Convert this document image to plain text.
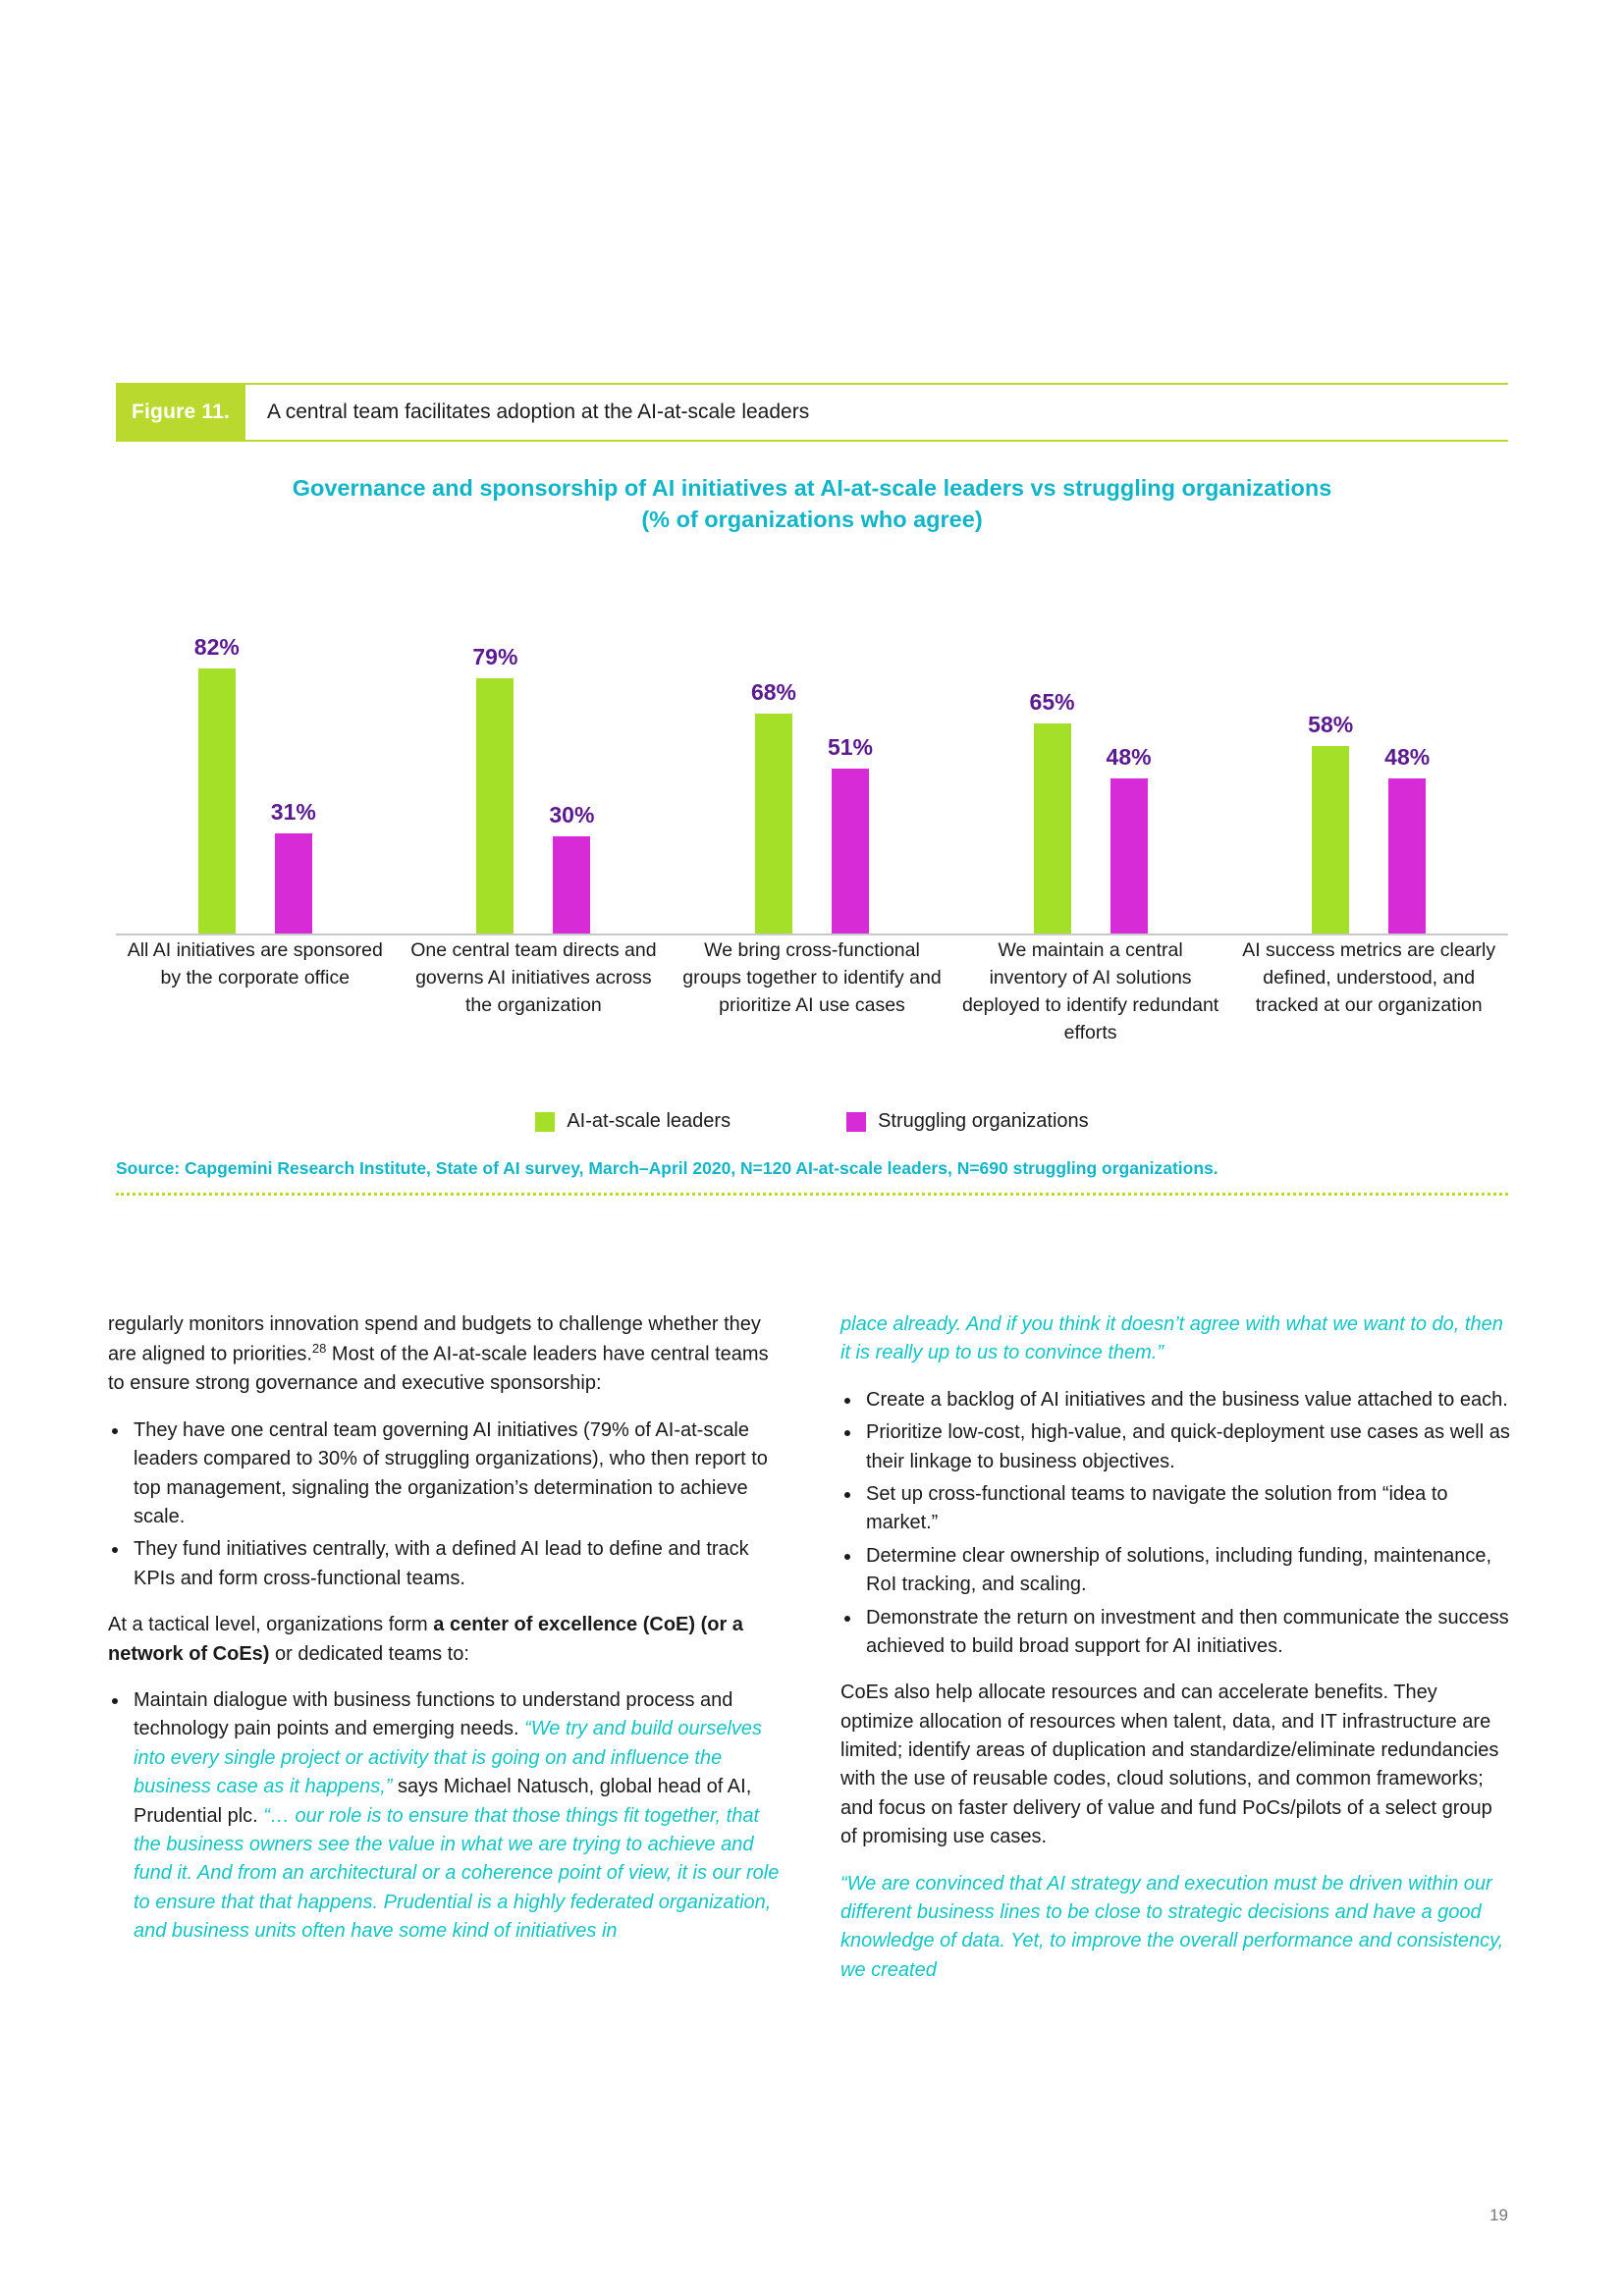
Figure 11.	A central team facilitates adoption at the AI-at-scale leaders
Governance and sponsorship of AI initiatives at AI-at-scale leaders vs struggling organizations
(% of organizations who agree)
82%
31%
79%
30%
68%
51%
65%
48%
58%
48%
All AI initiatives are sponsored by the corporate office
One central team directs and governs AI initiatives across the organization
We bring cross-functional groups together to identify and prioritize AI use cases
We maintain a central inventory of AI solutions deployed to identify redundant efforts
AI success metrics are clearly defined, understood, and tracked at our organization
AI-at-scale leaders	Struggling organizations
Source: Capgemini Research Institute, State of AI survey, March–April 2020, N=120 AI-at-scale leaders, N=690 struggling organizations.

regularly monitors innovation spend and budgets to challenge whether they are aligned to priorities.$^{28}$ Most of the AI-at-scale leaders have central teams to ensure strong governance and executive sponsorship:

• They have one central team governing AI initiatives (79% of AI-at-scale leaders compared to 30% of struggling organizations), who then report to top management, signaling the organization’s determination to achieve scale.
• They fund initiatives centrally, with a defined AI lead to define and track KPIs and form cross-functional teams.

At a tactical level, organizations form a center of excellence (CoE) (or a network of CoEs) or dedicated teams to:

• Maintain dialogue with business functions to understand process and technology pain points and emerging needs. “We try and build ourselves into every single project or activity that is going on and influence the business case as it happens,” says Michael Natusch, global head of AI, Prudential plc. “… our role is to ensure that those things fit together, that the business owners see the value in what we are trying to achieve and fund it. And from an architectural or a coherence point of view, it is our role to ensure that that happens. Prudential is a highly federated organization, and business units often have some kind of initiatives in

place already. And if you think it doesn’t agree with what we want to do, then it is really up to us to convince them.”

• Create a backlog of AI initiatives and the business value attached to each.
• Prioritize low-cost, high-value, and quick-deployment use cases as well as their linkage to business objectives.
• Set up cross-functional teams to navigate the solution from “idea to market.”
• Determine clear ownership of solutions, including funding, maintenance, RoI tracking, and scaling.
• Demonstrate the return on investment and then communicate the success achieved to build broad support for AI initiatives.

CoEs also help allocate resources and can accelerate benefits. They optimize allocation of resources when talent, data, and IT infrastructure are limited; identify areas of duplication and standardize/eliminate redundancies with the use of reusable codes, cloud solutions, and common frameworks; and focus on faster delivery of value and fund PoCs/pilots of a select group of promising use cases.

“We are convinced that AI strategy and execution must be driven within our different business lines to be close to strategic decisions and have a good knowledge of data. Yet, to improve the overall performance and consistency, we created

19
